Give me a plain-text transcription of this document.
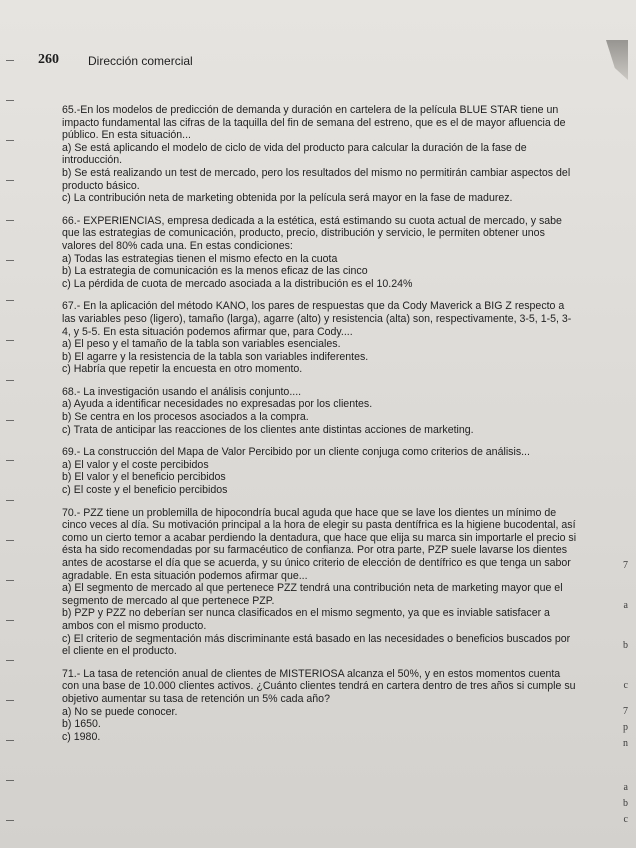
7
a
b
c
7
p
n
a
b
c
260 Dirección comercial

65.-En los modelos de predicción de demanda y duración en cartelera de la película BLUE STAR tiene un impacto fundamental las cifras de la taquilla del fin de semana del estreno, que es el de mayor afluencia de público. En esta situación...

a) Se está aplicando el modelo de ciclo de vida del producto para calcular la duración de la fase de introducción.

b) Se está realizando un test de mercado, pero los resultados del mismo no permitirán cambiar aspectos del producto básico.

c) La contribución neta de marketing obtenida por la película será mayor en la fase de madurez.

66.- EXPERIENCIAS, empresa dedicada a la estética, está estimando su cuota actual de mercado, y sabe que las estrategias de comunicación, producto, precio, distribución y servicio, le permiten obtener unos valores del 80% cada una. En estas condiciones:

a) Todas las estrategias tienen el mismo efecto en la cuota

b) La estrategia de comunicación es la menos eficaz de las cinco

c) La pérdida de cuota de mercado asociada a la distribución es el 10.24%

67.- En la aplicación del método KANO, los pares de respuestas que da Cody Maverick a BIG Z respecto a las variables peso (ligero), tamaño (larga), agarre (alto) y resistencia (alta) son, respectivamente, 3-5, 1-5, 3-4, y 5-5. En esta situación podemos afirmar que, para Cody....

a) El peso y el tamaño de la tabla son variables esenciales.

b) El agarre y la resistencia de la tabla son variables indiferentes.

c) Habría que repetir la encuesta en otro momento.

68.- La investigación usando el análisis conjunto....

a) Ayuda a identificar necesidades no expresadas por los clientes.

b) Se centra en los procesos asociados a la compra.

c) Trata de anticipar las reacciones de los clientes ante distintas acciones de marketing.

69.- La construcción del Mapa de Valor Percibido por un cliente conjuga como criterios de análisis...

a) El valor y el coste percibidos

b) El valor y el beneficio percibidos

c) El coste y el beneficio percibidos

70.- PZZ tiene un problemilla de hipocondría bucal aguda que hace que se lave los dientes un mínimo de cinco veces al día. Su motivación principal a la hora de elegir su pasta dentífrica es la higiene bucodental, así como un cierto temor a acabar perdiendo la dentadura, que hace que elija su marca sin importarle el precio si ésta ha sido recomendadas por su farmacéutico de confianza. Por otra parte, PZP suele lavarse los dientes antes de acostarse el día que se acuerda, y su único criterio de elección de dentífrico es que tenga un sabor agradable. En esta situación podemos afirmar que...

a) El segmento de mercado al que pertenece PZZ tendrá una contribución neta de marketing mayor que el segmento de mercado al que pertenece PZP.

b) PZP y PZZ no deberían ser nunca clasificados en el mismo segmento, ya que es inviable satisfacer a ambos con el mismo producto.

c) El criterio de segmentación más discriminante está basado en las necesidades o beneficios buscados por el cliente en el producto.

71.- La tasa de retención anual de clientes de MISTERIOSA alcanza el 50%, y en estos momentos cuenta con una base de 10.000 clientes activos. ¿Cuánto clientes tendrá en cartera dentro de tres años si cumple su objetivo aumentar su tasa de retención un 5% cada año?

a) No se puede conocer.

b) 1650.

c) 1980.
